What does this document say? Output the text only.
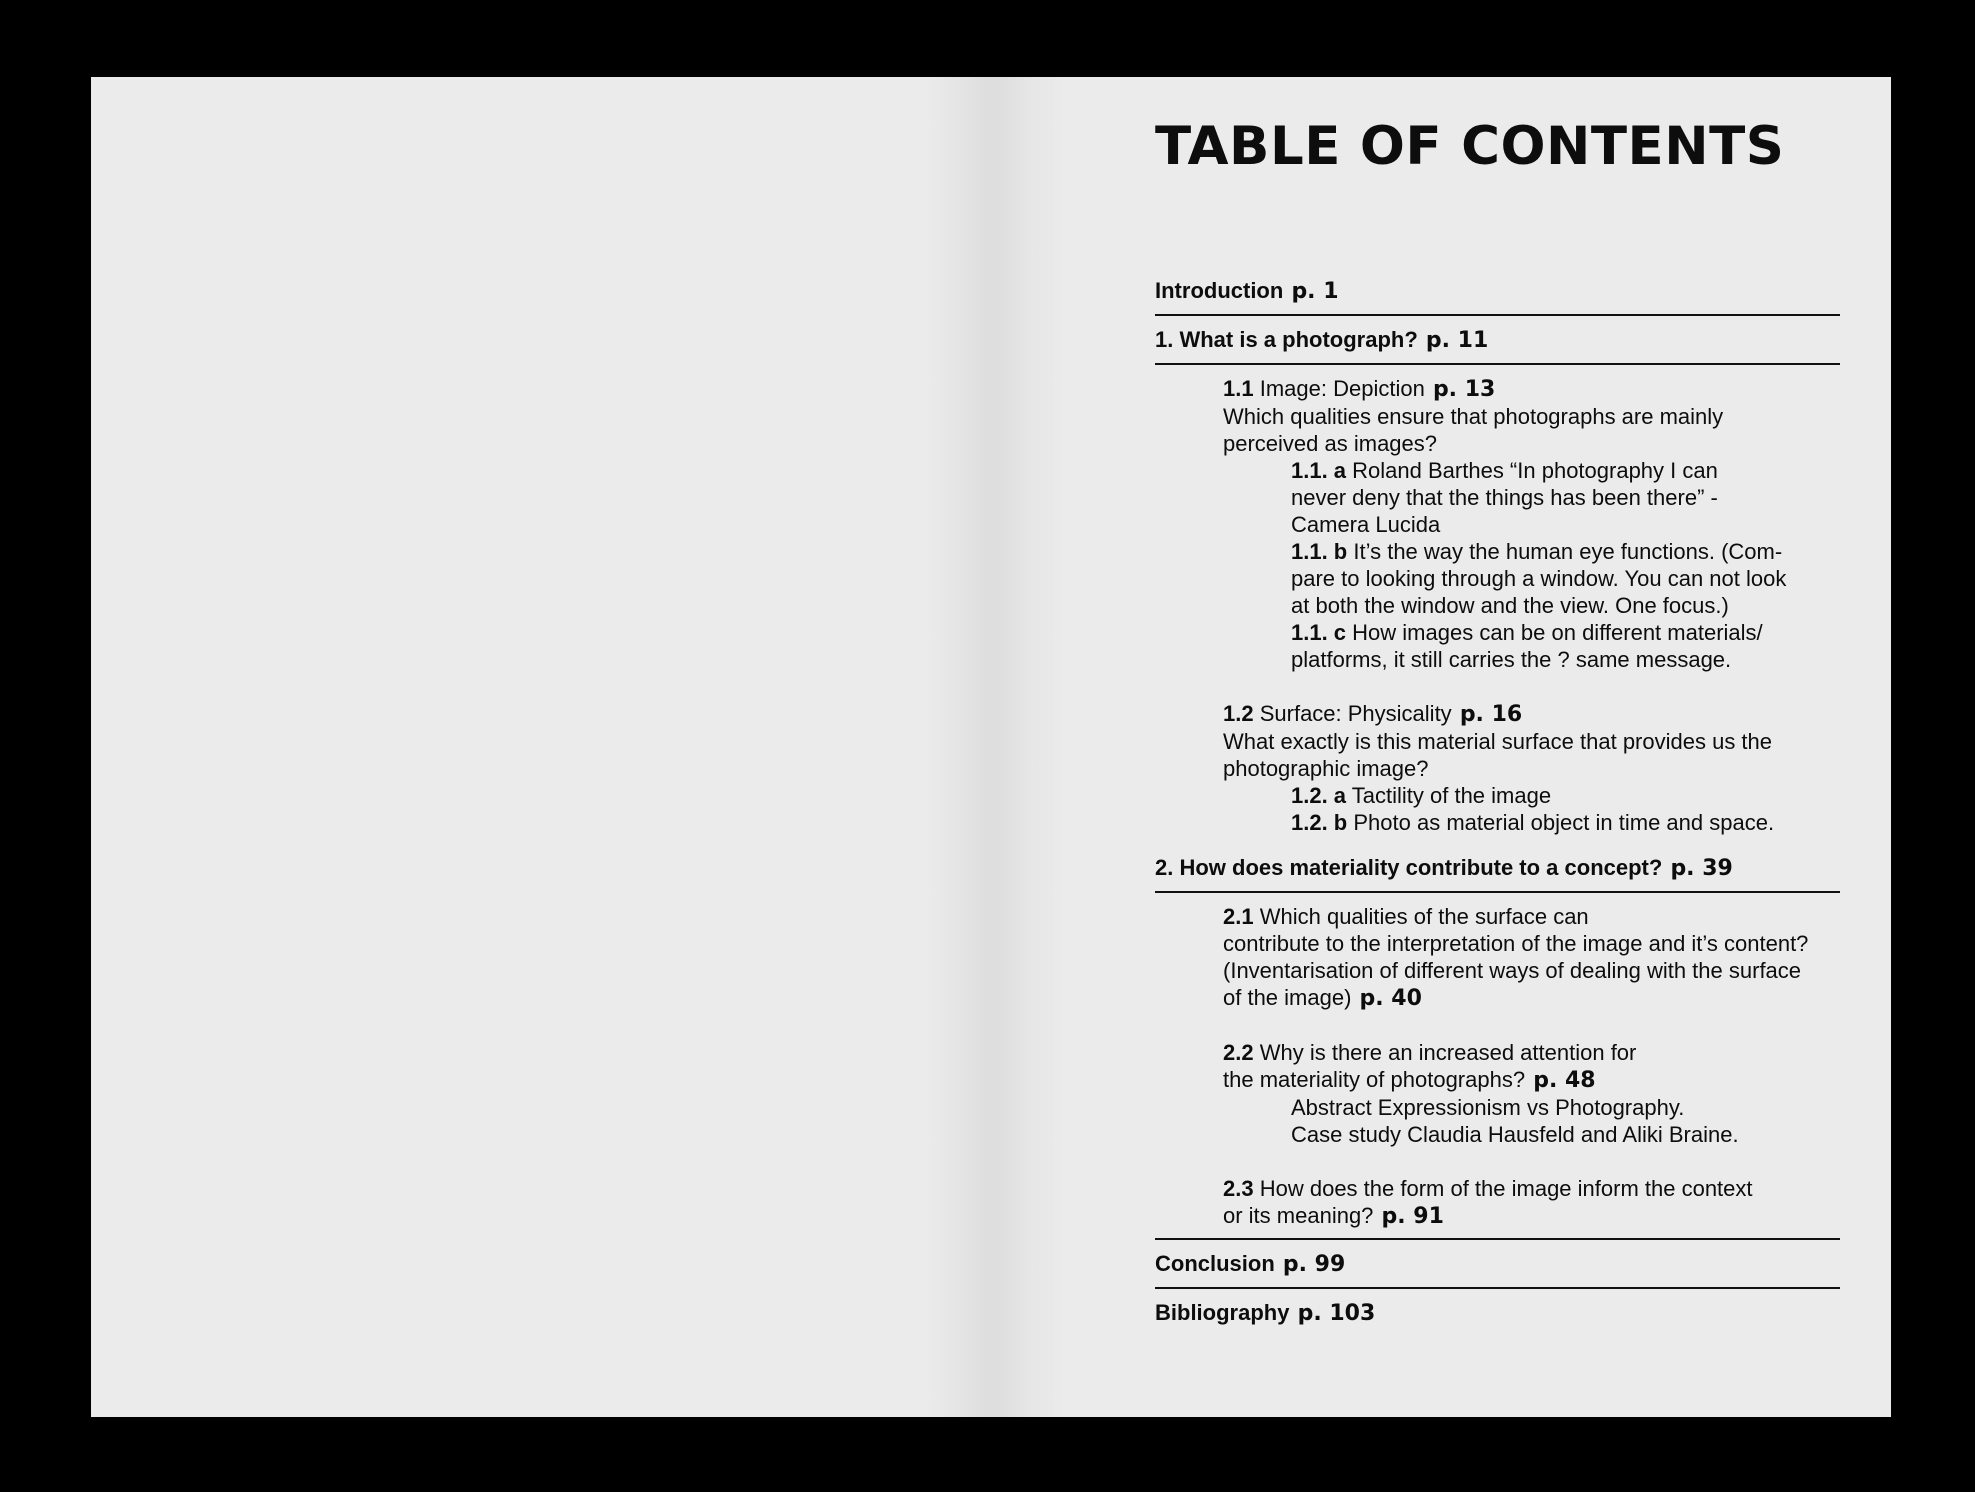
TABLE OF CONTENTS
Introduction p. 1
1. What is a photograph? p. 11
1.1 Image: Depiction p. 13
Which qualities ensure that photographs are mainly
perceived as images?
1.1. a Roland Barthes “In photography I can
never deny that the things has been there” -
Camera Lucida
1.1. b It’s the way the human eye functions. (Com-
pare to looking through a window. You can not look
at both the window and the view. One focus.)
1.1. c How images can be on different materials/
platforms, it still carries the ? same message.
1.2 Surface: Physicality p. 16
What exactly is this material surface that provides us the
photographic image?
1.2. a Tactility of the image
1.2. b Photo as material object in time and space.
2. How does materiality contribute to a concept? p. 39
2.1 Which qualities of the surface can
contribute to the interpretation of the image and it’s content?
(Inventarisation of different ways of dealing with the surface
of the image) p. 40
2.2 Why is there an increased attention for
the materiality of photographs? p. 48
Abstract Expressionism vs Photography.
Case study Claudia Hausfeld and Aliki Braine.
2.3 How does the form of the image inform the context
or its meaning? p. 91
Conclusion p. 99
Bibliography p. 103
